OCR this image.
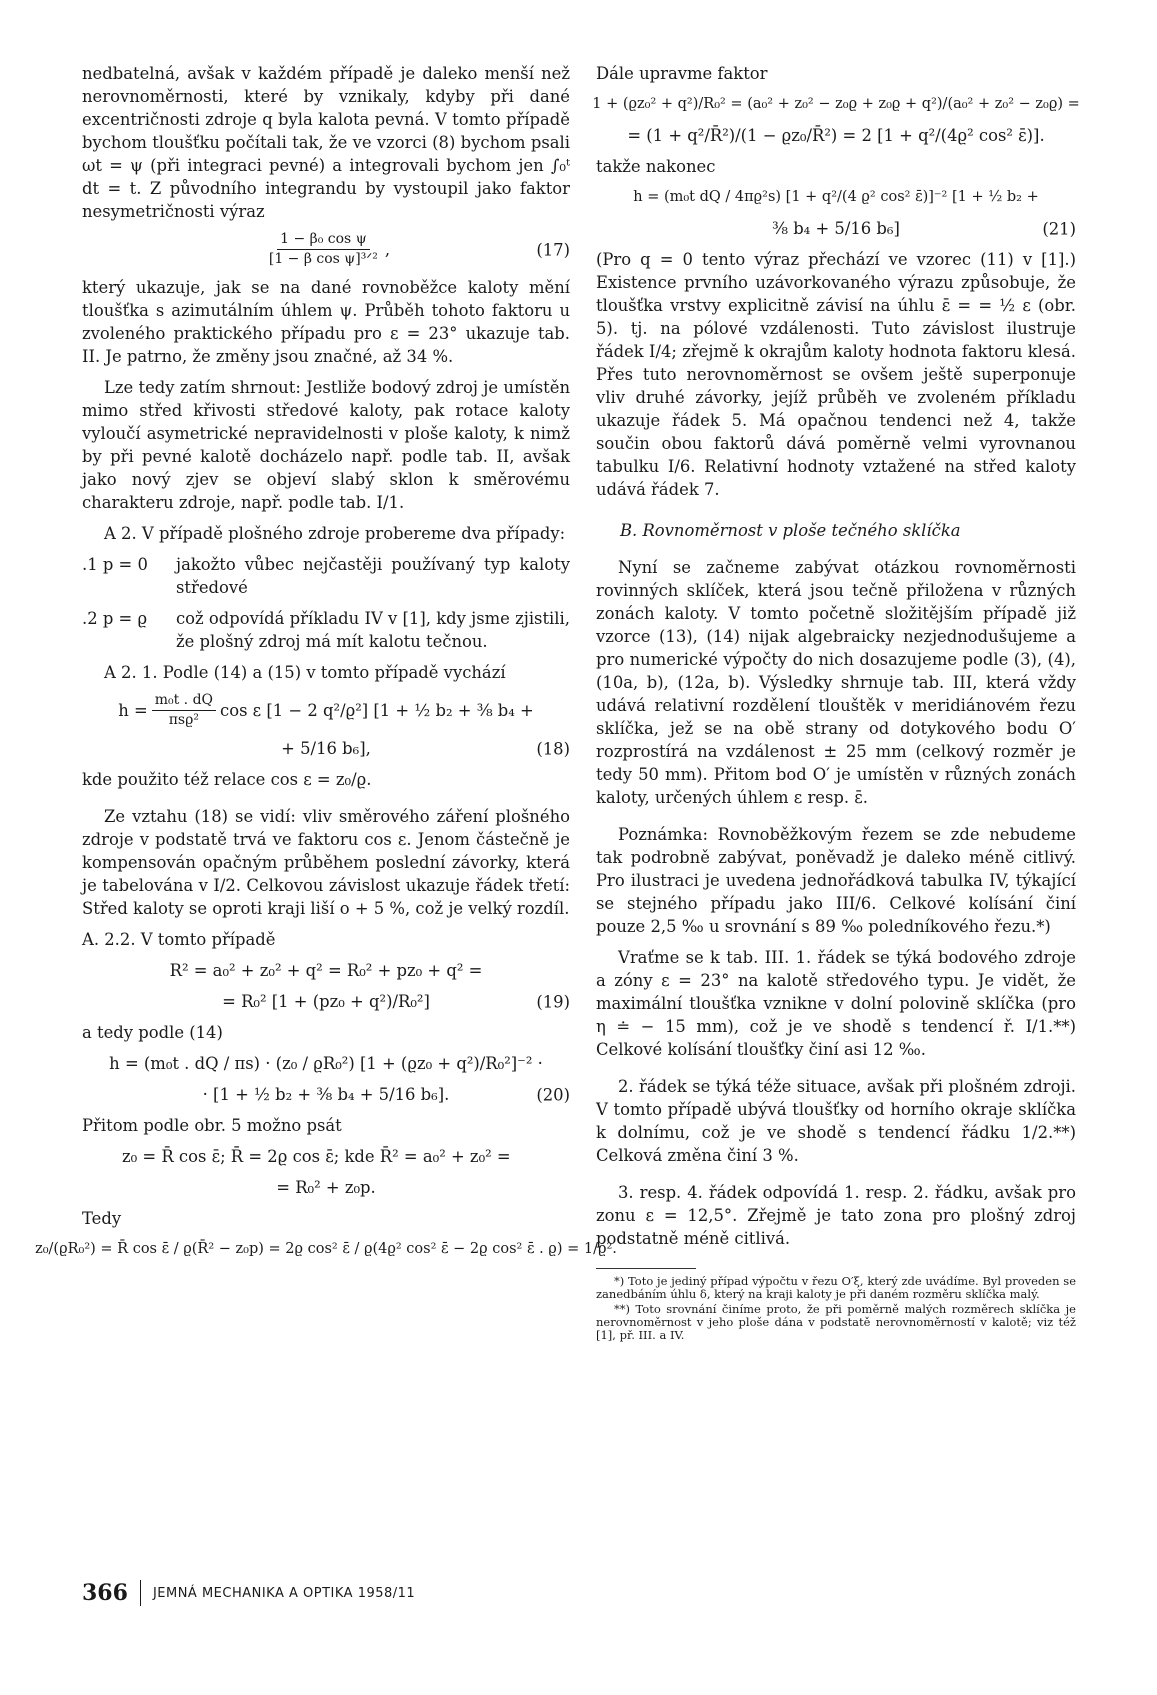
nedbatelná, avšak v každém případě je daleko menší než nerovnoměrnosti, které by vznikaly, kdyby při dané excentričnosti zdroje q byla kalota pevná. V tomto případě bychom tloušťku počítali tak, že ve vzorci (8) bychom psali ωt = ψ (při integraci pevné) a integrovali bychom jen ∫₀ᵗ dt = t. Z původního integrandu by vystoupil jako faktor nesymetričnosti výraz

$\frac{\text{1 − β₀ cos ψ}}{\text{[1 − β cos ψ]³ᐟ²}}$ ,	(17)

který ukazuje, jak se na dané rovnoběžce kaloty mění tloušťka s azimutálním úhlem ψ. Průběh tohoto faktoru u zvoleného praktického případu pro ε = 23° ukazuje tab. II. Je patrno, že změny jsou značné, až 34 %.

Lze tedy zatím shrnout: Jestliže bodový zdroj je umístěn mimo střed křivosti středové kaloty, pak rotace kaloty vyloučí asymetrické nepravidelnosti v ploše kaloty, k nimž by při pevné kalotě docházelo např. podle tab. II, avšak jako nový zjev se objeví slabý sklon k směrovému charakteru zdroje, např. podle tab. I/1.

A 2. V případě plošného zdroje probereme dva případy:

.1 p = 0	jakožto vůbec nejčastěji používaný typ kaloty středové
.2 p = ϱ	což odpovídá příkladu IV v [1], kdy jsme zjistili, že plošný zdroj má mít kalotu tečnou.

A 2. 1. Podle (14) a (15) v tomto případě vychází

$h = \frac{\text{m₀t . dQ}}{\text{πsϱ²}}$ cos ε [1 − 2 q²/ϱ²] [1 + ½ b₂ + ⅜ b₄ +
+ 5/16 b₆],	(18)

kde použito též relace cos ε = z₀/ϱ.

Ze vztahu (18) se vidí: vliv směrového záření plošného zdroje v podstatě trvá ve faktoru cos ε. Jenom částečně je kompensován opačným průběhem poslední závorky, která je tabelována v I/2. Celkovou závislost ukazuje řádek třetí: Střed kaloty se oproti kraji liší o + 5 %, což je velký rozdíl.

A. 2.2. V tomto případě

R² = a₀² + z₀² + q² = R₀² + pz₀ + q² =
= R₀² [1 + (pz₀ + q²)/R₀²]	(19)

a tedy podle (14)

h = (m₀t . dQ / πs) · (z₀ / ϱR₀²) [1 + (ϱz₀ + q²)/R₀²]⁻² ·
· [1 + ½ b₂ + ⅜ b₄ + 5/16 b₆].	(20)

Přitom podle obr. 5 možno psát

z₀ = R̄ cos ε̄; R̄ = 2ϱ cos ε̄; kde R̄² = a₀² + z₀² =
= R₀² + z₀p.

Tedy

z₀/(ϱR₀²) = R̄ cos ε̄ / ϱ(R̄² − z₀p) = 2ϱ cos² ε̄ / ϱ(4ϱ² cos² ε̄ − 2ϱ cos² ε̄ . ϱ) = 1/ϱ².

Dále upravme faktor

1 + (ϱz₀² + q²)/R₀² = (a₀² + z₀² − z₀ϱ + z₀ϱ + q²)/(a₀² + z₀² − z₀ϱ) =
= (1 + q²/R̄²)/(1 − ϱz₀/R̄²) = 2 [1 + q²/(4ϱ² cos² ε̄)].

takže nakonec

h = (m₀t dQ / 4πϱ²s) [1 + q²/(4 ϱ² cos² ε̄)]⁻² [1 + ½ b₂ +
⅜ b₄ + 5/16 b₆]	(21)

(Pro q = 0 tento výraz přechází ve vzorec (11) v [1].) Existence prvního uzávorkovaného výrazu způsobuje, že tloušťka vrstvy explicitně závisí na úhlu ε̄ = = ½ ε (obr. 5). tj. na pólové vzdálenosti. Tuto závislost ilustruje řádek I/4; zřejmě k okrajům kaloty hodnota faktoru klesá. Přes tuto nerovnoměrnost se ovšem ještě superponuje vliv druhé závorky, jejíž průběh ve zvoleném příkladu ukazuje řádek 5. Má opačnou tendenci než 4, takže součin obou faktorů dává poměrně velmi vyrovnanou tabulku I/6. Relativní hodnoty vztažené na střed kaloty udává řádek 7.

B. Rovnoměrnost v ploše tečného sklíčka

Nyní se začneme zabývat otázkou rovnoměrnosti rovinných sklíček, která jsou tečně přiložena v různých zonách kaloty. V tomto početně složitějším případě již vzorce (13), (14) nijak algebraicky nezjednodušujeme a pro numerické výpočty do nich dosazujeme podle (3), (4), (10a, b), (12a, b). Výsledky shrnuje tab. III, která vždy udává relativní rozdělení tlouštěk v meridiánovém řezu sklíčka, jež se na obě strany od dotykového bodu O′ rozprostírá na vzdálenost ± 25 mm (celkový rozměr je tedy 50 mm). Přitom bod O′ je umístěn v různých zonách kaloty, určených úhlem ε resp. ε̄.

Poznámka: Rovnoběžkovým řezem se zde nebudeme tak podrobně zabývat, poněvadž je daleko méně citlivý. Pro ilustraci je uvedena jednořádková tabulka IV, týkající se stejného případu jako III/6. Celkové kolísání činí pouze 2,5 ‰ u srovnání s 89 ‰ poledníkového řezu.*)

Vraťme se k tab. III. 1. řádek se týká bodového zdroje a zóny ε = 23° na kalotě středového typu. Je vidět, že maximální tloušťka vznikne v dolní polovině sklíčka (pro η ≐ − 15 mm), což je ve shodě s tendencí ř. I/1.**) Celkové kolísání tloušťky činí asi 12 ‰.

2. řádek se týká téže situace, avšak při plošném zdroji. V tomto případě ubývá tloušťky od horního okraje sklíčka k dolnímu, což je ve shodě s tendencí řádku 1/2.**) Celková změna činí 3 %.

3. resp. 4. řádek odpovídá 1. resp. 2. řádku, avšak pro zonu ε = 12,5°. Zřejmě je tato zona pro plošný zdroj podstatně méně citlivá.

*) Toto je jediný případ výpočtu v řezu O′ξ, který zde uvádíme. Byl proveden se zanedbáním úhlu δ, který na kraji kaloty je při daném rozměru sklíčka malý.

**) Toto srovnání činíme proto, že při poměrně malých rozměrech sklíčka je nerovnoměrnost v jeho ploše dána v podstatě nerovnoměrností v kalotě; viz též [1], př. III. a IV.

366	JEMNÁ MECHANIKA A OPTIKA 1958/11
